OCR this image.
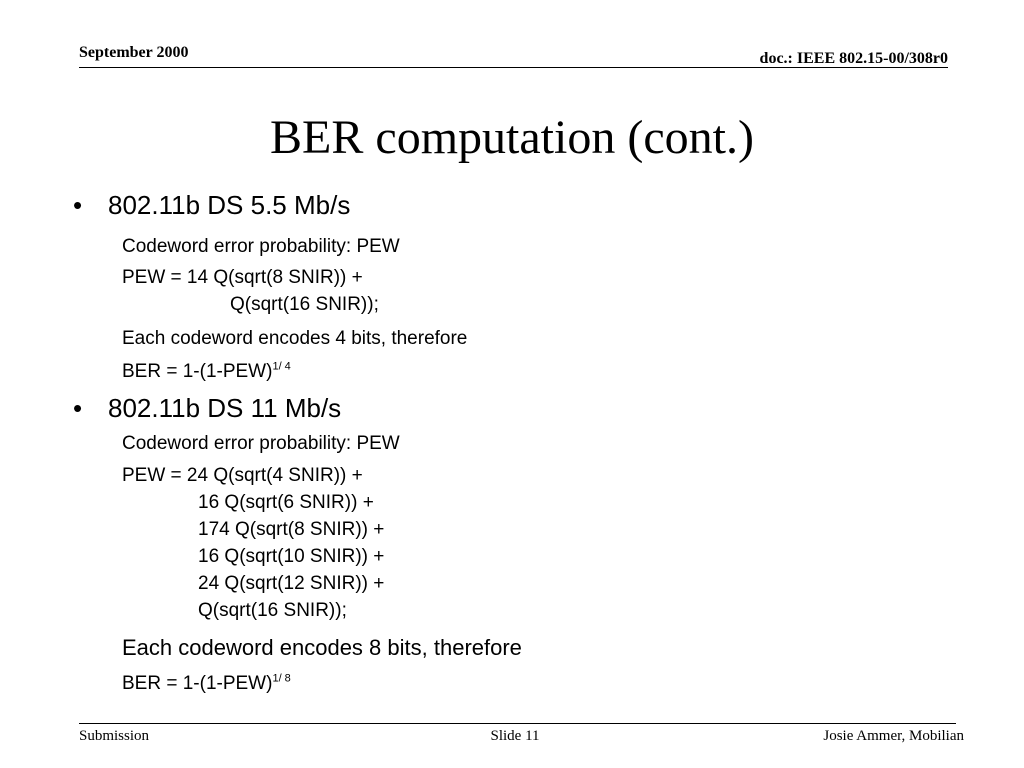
September 2000	doc.: IEEE 802.15-00/308r0
BER computation (cont.)
• 802.11b DS 5.5 Mb/s
Codeword error probability: PEW
PEW = 14 Q(sqrt(8 SNIR)) +
Q(sqrt(16 SNIR));
Each codeword encodes 4 bits, therefore
BER = $1-(1-PEW)^{1/ 4}$
• 802.11b DS 11 Mb/s
Codeword error probability: PEW
PEW = 24 Q(sqrt(4 SNIR)) +
16 Q(sqrt(6 SNIR)) +
174 Q(sqrt(8 SNIR)) +
16 Q(sqrt(10 SNIR)) +
24 Q(sqrt(12 SNIR)) +
Q(sqrt(16 SNIR));
Each codeword encodes 8 bits, therefore
BER = $1-(1-PEW)^{1/ 8}$
Submission	Slide 11	Josie Ammer, Mobilian
